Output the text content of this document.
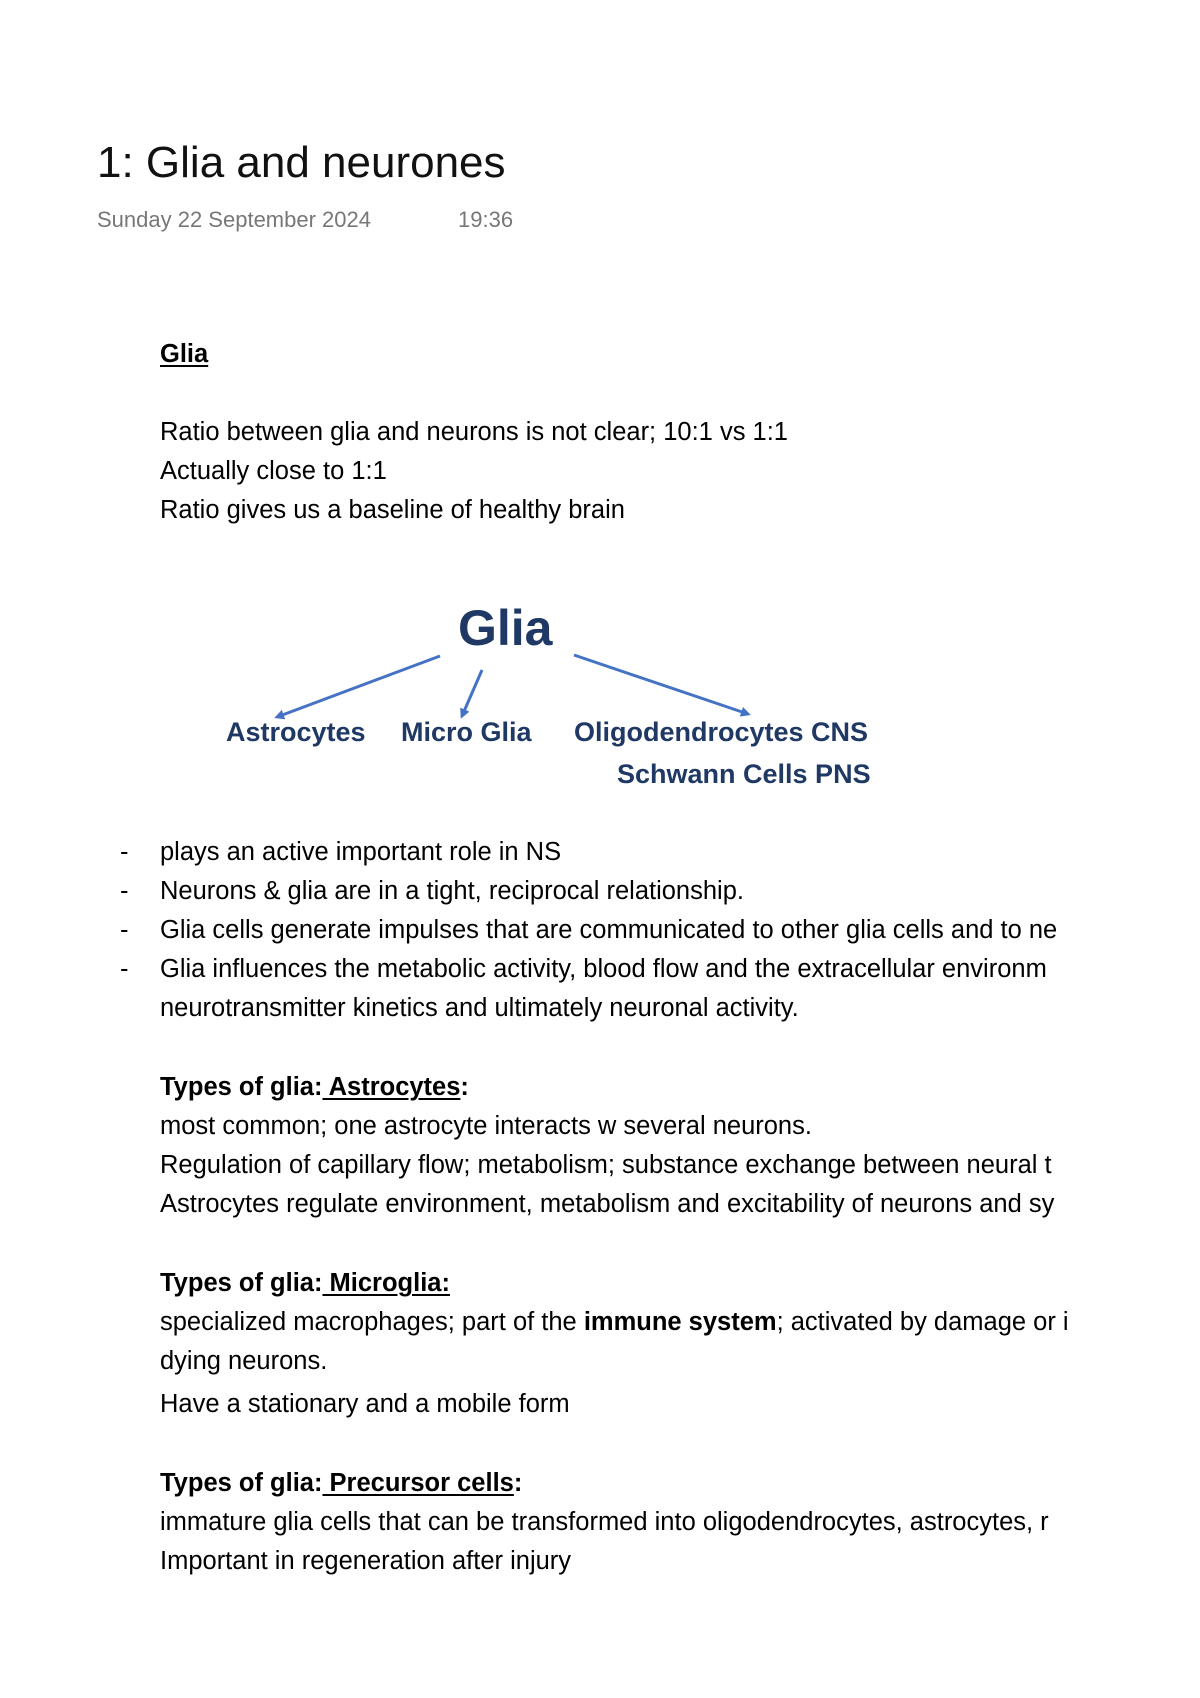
1: Glia and neurones
Sunday 22 September 2024	19:36
Glia
Ratio between glia and neurons is not clear; 10:1 vs 1:1
Actually close to 1:1
Ratio gives us a baseline of healthy brain
Glia
Astrocytes Micro Glia Oligodendrocytes CNS
Schwann Cells PNS
- plays an active important role in NS
- Neurons & glia are in a tight, reciprocal relationship.
- Glia cells generate impulses that are communicated to other glia cells and to ne
- Glia influences the metabolic activity, blood flow and the extracellular environm
neurotransmitter kinetics and ultimately neuronal activity.
Types of glia: Astrocytes:
most common; one astrocyte interacts w several neurons.
Regulation of capillary flow; metabolism; substance exchange between neural t
Astrocytes regulate environment, metabolism and excitability of neurons and sy
Types of glia: Microglia:
specialized macrophages; part of the immune system; activated by damage or i
dying neurons.
Have a stationary and a mobile form
Types of glia: Precursor cells:
immature glia cells that can be transformed into oligodendrocytes, astrocytes, r
Important in regeneration after injury
